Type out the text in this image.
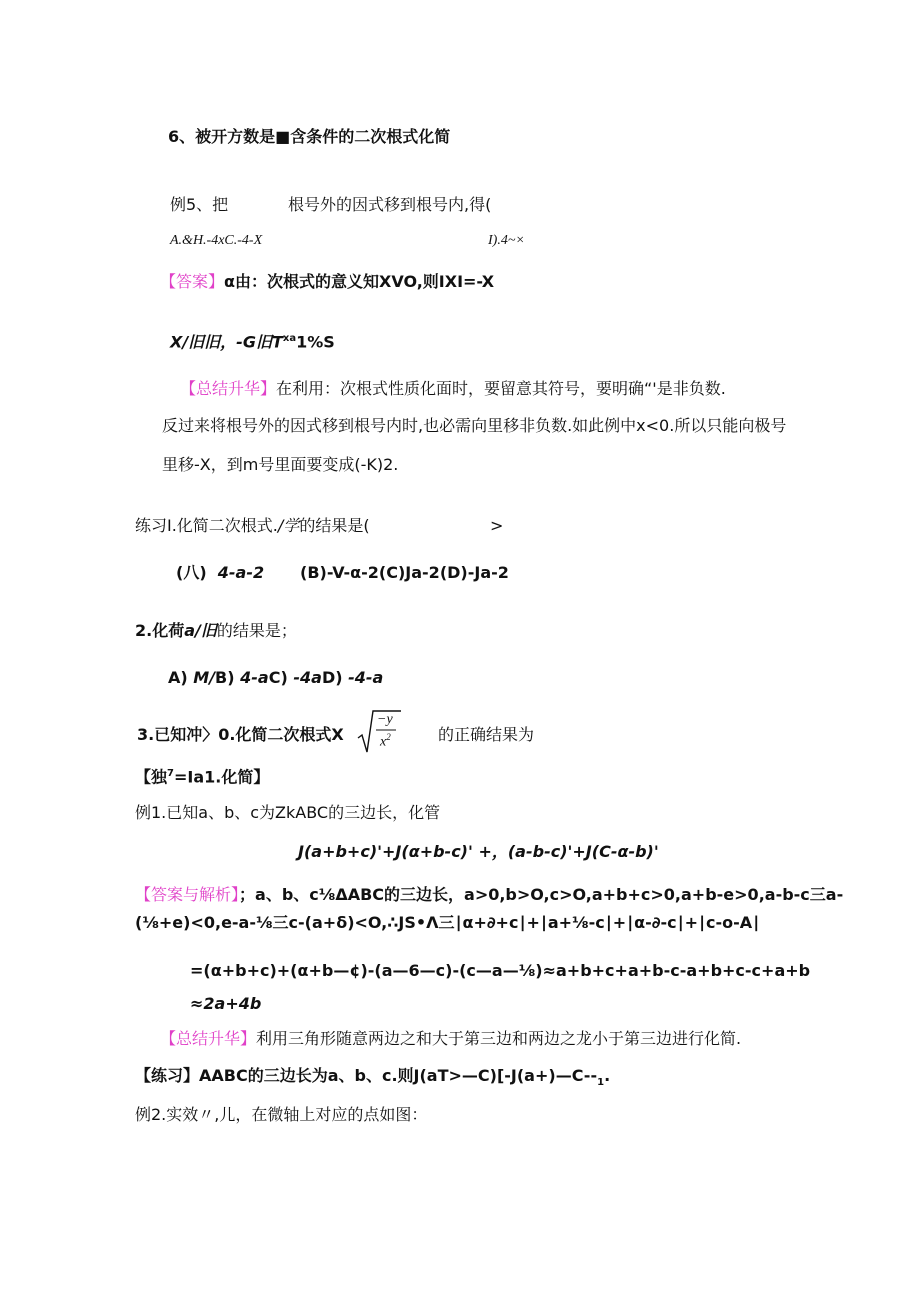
6、被开方数是■含条件的二次根式化简
例5、把	根号外的因式移到根号内,得(
A.&H.-4xC.-4-X	I).4~×
【答案】α由：次根式的意义知XVO,则IXI=-X
X/旧旧，-G旧$T^{xa}1\%S$
【总结升华】在利用：次根式性质化面时，要留意其符号，要明确“'是非负数.
反过来将根号外的因式移到根号内时,也必需向里移非负数.如此例中x<0.所以只能向极号
里移-X，到m号里面要变成(-K)2.
练习I.化简二次根式./学的结果是(	>
(八) 4-a-2 (B)-V-α-2(C)Ja-2(D)-Ja-2
2.化荷a/旧的结果是；
A) M/B) 4-aC) -4aD) -4-a
3.已知冲〉0.化简二次根式X
−y
$x^2$	的正确结果为
【独$^7$=Ia1.化简】
例1.已知a、b、c为ZkABC的三边长，化管
J(a+b+c)'+J(α+b-c)' +，(a-b-c)'+J(C-α-b)'
【答案与解析】；a、b、c⅛ΔABC的三边长，a>0,b>O,c>O,a+b+c>0,a+b-e>0,a-b-c三a-
(⅛+e)<0,e-a-⅛三c-(a+δ)<O,∴JS•Λ三∣α+∂+c∣+∣a+⅛-c∣+∣α-∂-c∣+∣c-o-A∣
=(α+b+c)+(α+b—¢)-(a—6—c)-(c—a—⅛)≈a+b+c+a+b-c-a+b+c-c+a+b
≈2a+4b
【总结升华】利用三角形随意两边之和大于第三边和两边之龙小于第三边进行化简.
【练习】AABC的三边长为a、b、c.则$J(aT>—C)[-J(a+)—C--_1$.
例2.实效〃,儿，在微轴上对应的点如图：
